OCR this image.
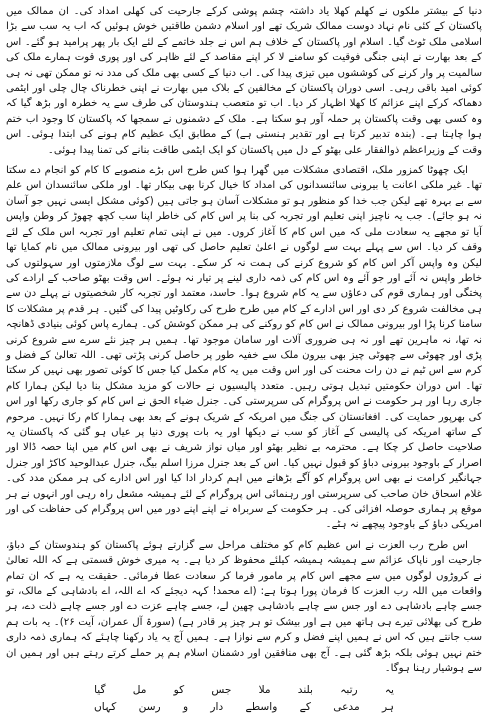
دنیا کے بیشتر ملکوں نے کھلم کھلا یاد داشتہ چشم پوشی کرکے جارحیت کی کھلی امداد کی۔ ان ممالک میں پاکستان کے کئی نام نہاد دوست ممالک شریک تھے اور اسلام دشمن طاقتیں خوش ہوئیں کہ اب یہ سب سے بڑا اسلامی ملک ٹوٹ گیا۔ اسلام اور پاکستان کے خلاف ہم اس نے جلد خاتمے کے لئے ایک بار پھر پرامید ہو گئے۔ اس کے بعد بھارت نے اپنی جنگی فوقیت کو سامنے لا کر اپنے مقاصد کے لئے ظاہر کی اور پوری قوت ہمارے ملک کی سالمیت پر وار کرنے کی کوششوں میں تیزی پیدا کی۔ اب دنیا کے کسی بھی ملک کی مدد نہ تو ممکن تھی نہ ہی کوئی امید باقی رہی۔ اسی دوران پاکستان کے مخالفین کے بلاک میں بھارت نے اپنی خطرناک چال چلی اور ایٹمی دھماکہ کرکے اپنے عزائم کا کھلا اظہار کر دیا۔ اب تو متعصب ہندوستان کی طرف سے یہ خطرہ اور بڑھ گیا کہ وہ کسی بھی وقت پاکستان پر حملہ آور ہو سکتا ہے۔ ملک کے دشمنوں نے سمجھا کہ پاکستان کا وجود اب ختم ہوا چاہتا ہے۔ (بندہ تدبیر کرتا ہے اور تقدیر ہنستی ہے) کے مطابق ایک عظیم کام ہونے کی ابتدا ہوئی۔ اس وقت کے وزیراعظم ذوالفقار علی بھٹو کے دل میں پاکستان کو ایک ایٹمی طاقت بنانے کی تمنا پیدا ہوئی۔

ایک چھوٹا کمزور ملک، اقتصادی مشکلات میں گھرا ہوا کس طرح اس بڑے منصوبے کا کام کو انجام دے سکتا تھا۔ غیر ملکی اعانت یا بیرونی سائنسدانوں کی امداد کا خیال کرنا بھی بیکار تھا۔ اور ملکی سائنسدان اس علم سے بے بہرہ تھے لیکن جب خدا کو منظور ہو تو مشکلات آسان ہو جاتی ہیں (کوئی مشکل ایسی نہیں جو آسان نہ ہو جائے)۔ جب یہ ناچیز اپنی تعلیم اور تجربہ کی بنا پر اس کام کی خاطر اپنا سب کچھ چھوڑ کر وطن واپس آیا تو مجھے یہ سعادت ملی کہ میں اس کام کا آغاز کروں۔ میں نے اپنی تمام تعلیم اور تجربہ اس ملک کے لئے وقف کر دیا۔ اس سے پہلے بہت سے لوگوں نے اعلیٰ تعلیم حاصل کی تھی اور بیرونی ممالک میں نام کمایا تھا لیکن وہ واپس آکر اس کام کو شروع کرنے کی ہمت نہ کر سکے۔ بہت سے لوگ ملازمتوں اور سہولتوں کی خاطر واپس نہ آئے اور جو آئے وہ اس کام کی ذمہ داری لینے پر تیار نہ ہوئے۔ اس وقت بھٹو صاحب کے ارادے کی پختگی اور ہماری قوم کی دعاؤں سے یہ کام شروع ہوا۔ حاسد، معتمد اور تجربہ کار شخصیتوں نے پہلے دن سے ہی مخالفت شروع کر دی اور اس ادارے کے کام میں طرح طرح کی رکاوٹیں پیدا کی گئیں۔ ہر قدم پر مشکلات کا سامنا کرنا پڑا اور بیرونی ممالک نے اس کام کو روکنے کی ہر ممکن کوشش کی۔ ہمارے پاس کوئی بنیادی ڈھانچہ نہ تھا، نہ ماہرین تھے اور نہ ہی ضروری آلات اور سامان موجود تھا۔ ہمیں ہر چیز نئے سرے سے شروع کرنی پڑی اور چھوٹی سے چھوٹی چیز بھی بیرون ملک سے خفیہ طور پر حاصل کرنی پڑتی تھی۔ اللہ تعالیٰ کے فضل و کرم سے اس ٹیم نے دن رات محنت کی اور اس وقت میں یہ کام مکمل کیا جس کا کوئی تصور بھی نہیں کر سکتا تھا۔ اس دوران حکومتیں تبدیل ہوتی رہیں۔ متعدد پالیسیوں نے حالات کو مزید مشکل بنا دیا لیکن ہمارا کام جاری رہا اور ہر حکومت نے اس پروگرام کی سرپرستی کی۔ جنرل ضیاء الحق نے اس کام کو جاری رکھا اور اس کی بھرپور حمایت کی۔ افغانستان کی جنگ میں امریکہ کے شریک ہونے کے بعد بھی ہمارا کام رکا نہیں۔ مرحوم کے ساتھ امریکہ کی پالیسی کے آغاز کو سب نے دیکھا اور یہ بات پوری دنیا پر عیاں ہو گئی کہ پاکستان یہ صلاحیت حاصل کر چکا ہے۔ محترمہ بے نظیر بھٹو اور میاں نواز شریف نے بھی اس کام میں اپنا حصہ ڈالا اور اصرار کے باوجود بیرونی دباؤ کو قبول نہیں کیا۔ اس کے بعد جنرل مرزا اسلم بیگ، جنرل عبدالوحید کاکڑ اور جنرل جہانگیر کرامت نے بھی اس پروگرام کو آگے بڑھانے میں اہم کردار ادا کیا اور اس ادارے کی ہر ممکن مدد کی۔ غلام اسحاق خان صاحب کی سرپرستی اور رہنمائی اس پروگرام کے لئے ہمیشہ مشعل راہ رہی اور انہوں نے ہر موقع پر ہماری حوصلہ افزائی کی۔ ہر حکومت کے سربراہ نے اپنے اپنے دور میں اس پروگرام کی حفاظت کی اور امریکی دباؤ کے باوجود پیچھے نہ ہٹے۔

اس طرح رب العزت نے اس عظیم کام کو مختلف مراحل سے گزارتے ہوئے پاکستان کو ہندوستان کے دباؤ، جارحیت اور ناپاک عزائم سے ہمیشہ ہمیشہ کیلئے محفوظ کر دیا ہے۔ یہ میری خوش قسمتی ہے کہ اللہ تعالیٰ نے کروڑوں لوگوں میں سے مجھے اس کام پر مامور فرما کر سعادت عطا فرمائی۔ حقیقت یہ ہے کہ ان تمام واقعات میں اللہ رب العزت کا فرمان پورا ہوتا ہے: (اے محمد! کہہ دیجئے کہ اے اللہ، اے بادشاہی کے مالک، تو جسے چاہے بادشاہی دے اور جس سے چاہے بادشاہی چھین لے، جسے چاہے عزت دے اور جسے چاہے ذلت دے، ہر طرح کی بھلائی تیرے ہی ہاتھ میں ہے اور بیشک تو ہر چیز پر قادر ہے) (سورۃ آل عمران، آیت ۲۶)۔ یہ بات ہم سب جانتے ہیں کہ اس نے ہمیں اپنے فضل و کرم سے نوازا ہے۔ ہمیں آج یہ یاد رکھنا چاہئے کہ ہماری ذمہ داری ختم نہیں ہوئی بلکہ بڑھ گئی ہے۔ آج بھی منافقین اور دشمنان اسلام ہم پر حملے کرتے رہتے ہیں اور ہمیں ان سے ہوشیار رہنا ہوگا۔

یہ
رتبہ
بلند
ملا
جس
کو
مل
گیا
ہر
مدعی
کے
واسطے
دار
و
رسن
کہاں
